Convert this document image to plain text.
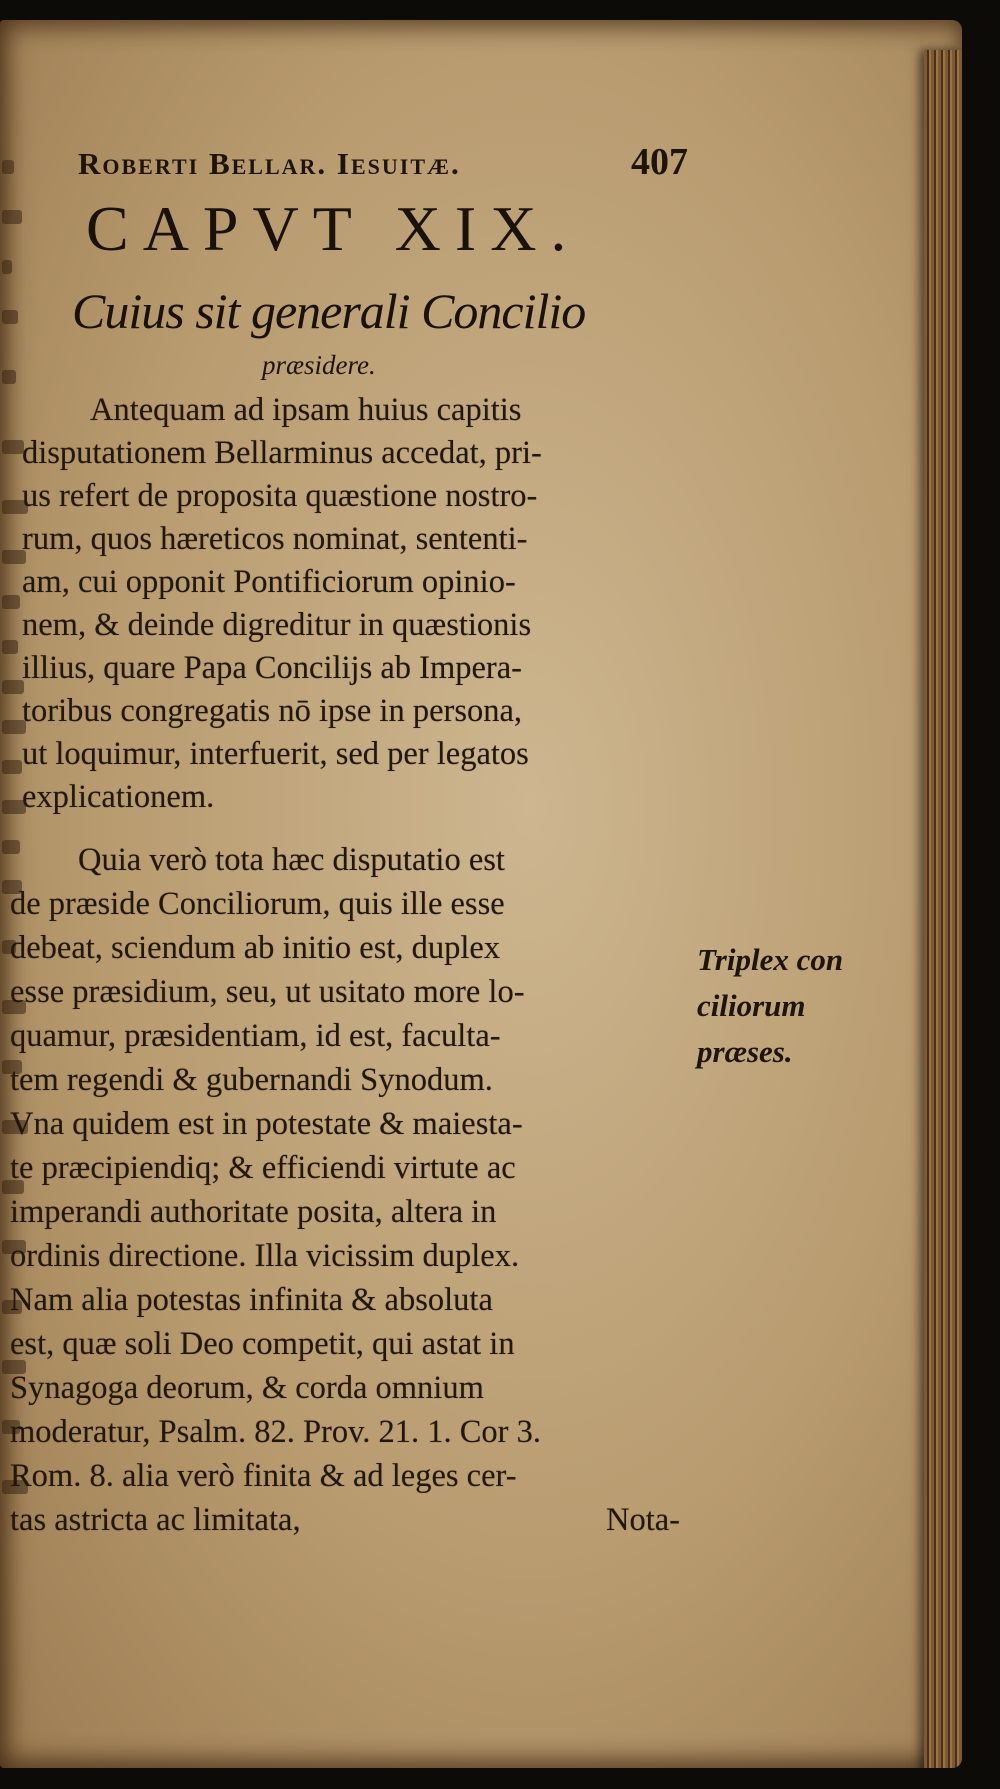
Roberti Bellar. Iesuitæ.	407
CAPVT XIX.
Cuius sit generali Concilio
præsidere.
Antequam ad ipsam huius capitis
disputationem Bellarminus accedat, pri-
us refert de proposita quæstione nostro-
rum, quos hæreticos nominat, sententi-
am, cui opponit Pontificiorum opinio-
nem, & deinde digreditur in quæstionis
illius, quare Papa Concilijs ab Impera-
toribus congregatis nō ipse in persona,
ut loquimur, interfuerit, sed per legatos
explicationem.
Quia verò tota hæc disputatio est
de præside Conciliorum, quis ille esse
debeat, sciendum ab initio est, duplex
esse præsidium, seu, ut usitato more lo-
quamur, præsidentiam, id est, faculta-
tem regendi & gubernandi Synodum.
Vna quidem est in potestate & maiesta-
te præcipiendiq; & efficiendi virtute ac
imperandi authoritate posita, altera in
ordinis directione. Illa vicissim duplex.
Nam alia potestas infinita & absoluta
est, quæ soli Deo competit, qui astat in
Synagoga deorum, & corda omnium
moderatur, Psalm. 82. Prov. 21. 1. Cor 3.
Rom. 8. alia verò finita & ad leges cer-
tas astricta ac limitata,	Nota-
Triplex con
ciliorum
præses.
